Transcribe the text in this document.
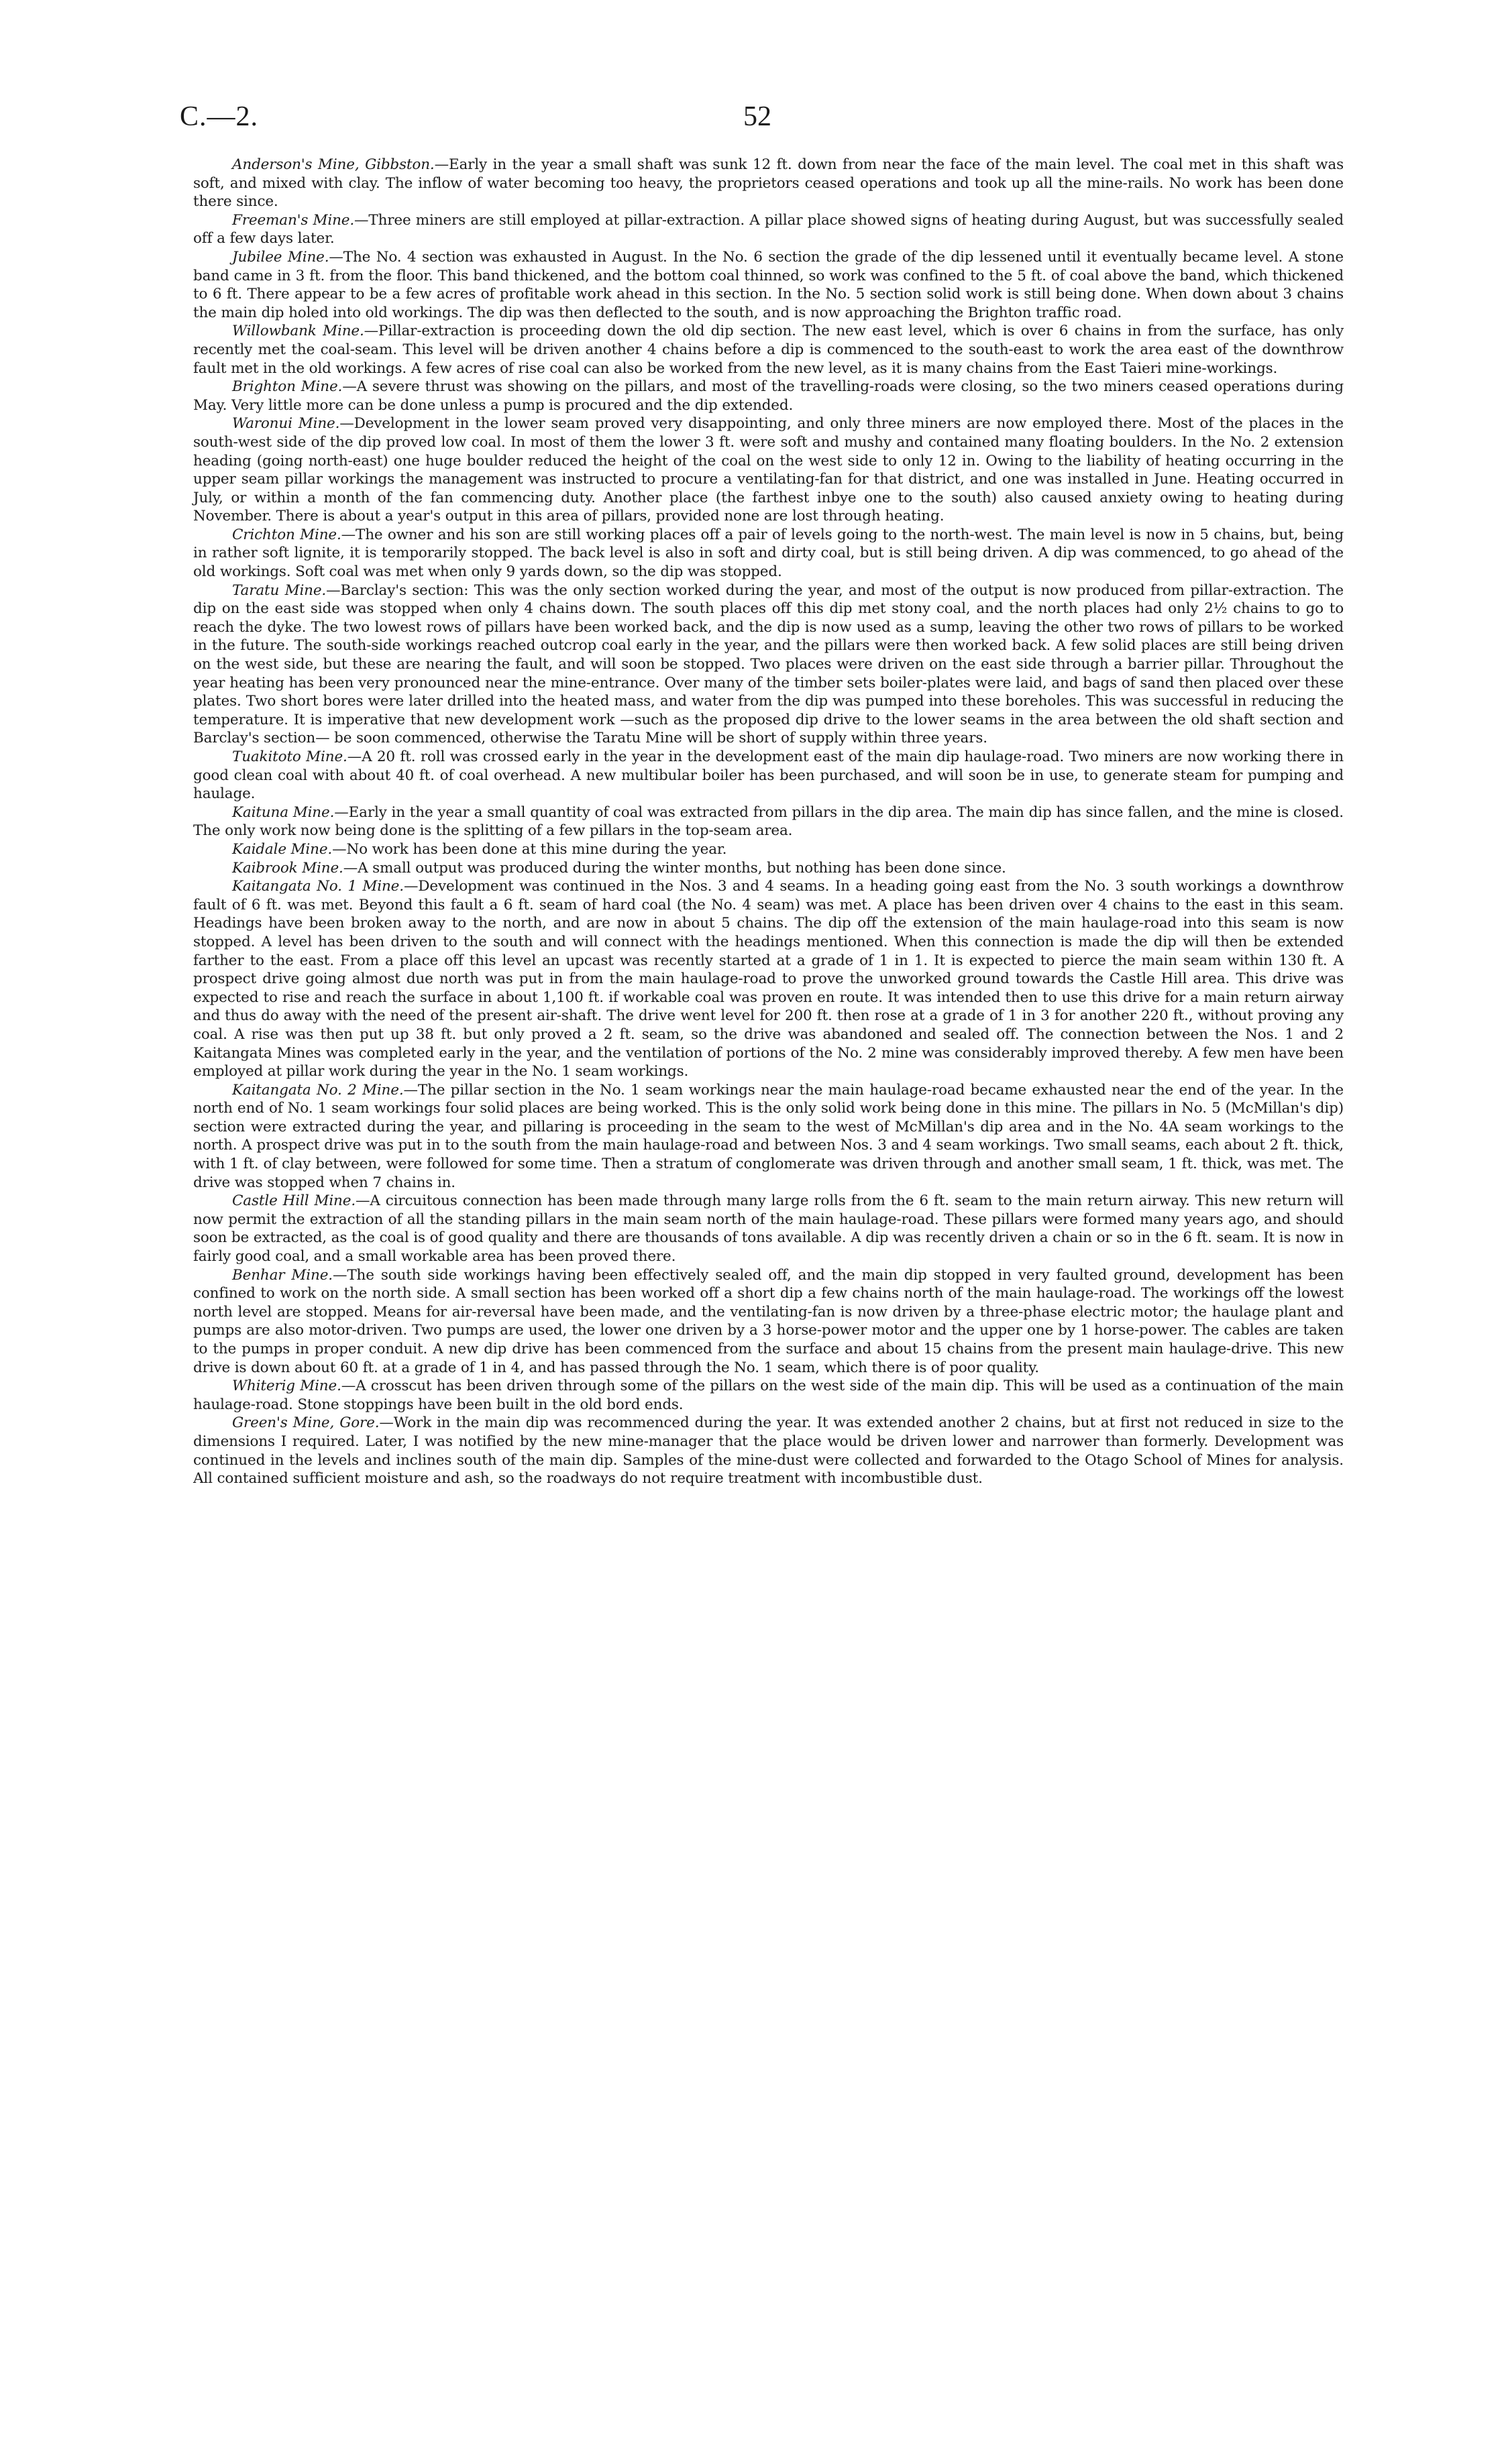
C.—2.	52

Anderson's Mine, Gibbston.—Early in the year a small shaft was sunk 12 ft. down from near the face of the main level. The coal met in this shaft was soft, and mixed with clay. The inflow of water becoming too heavy, the proprietors ceased operations and took up all the mine-rails. No work has been done there since.

Freeman's Mine.—Three miners are still employed at pillar-extraction. A pillar place showed signs of heating during August, but was successfully sealed off a few days later.

Jubilee Mine.—The No. 4 section was exhausted in August. In the No. 6 section the grade of the dip lessened until it eventually became level. A stone band came in 3 ft. from the floor. This band thickened, and the bottom coal thinned, so work was confined to the 5 ft. of coal above the band, which thickened to 6 ft. There appear to be a few acres of profitable work ahead in this section. In the No. 5 section solid work is still being done. When down about 3 chains the main dip holed into old workings. The dip was then deflected to the south, and is now approaching the Brighton traffic road.

Willowbank Mine.—Pillar-extraction is proceeding down the old dip section. The new east level, which is over 6 chains in from the surface, has only recently met the coal-seam. This level will be driven another 4 chains before a dip is commenced to the south-east to work the area east of the downthrow fault met in the old workings. A few acres of rise coal can also be worked from the new level, as it is many chains from the East Taieri mine-workings.

Brighton Mine.—A severe thrust was showing on the pillars, and most of the travelling-roads were closing, so the two miners ceased operations during May. Very little more can be done unless a pump is procured and the dip extended.

Waronui Mine.—Development in the lower seam proved very disappointing, and only three miners are now employed there. Most of the places in the south-west side of the dip proved low coal. In most of them the lower 3 ft. were soft and mushy and contained many floating boulders. In the No. 2 extension heading (going north-east) one huge boulder reduced the height of the coal on the west side to only 12 in. Owing to the liability of heating occurring in the upper seam pillar workings the management was instructed to procure a ventilating-fan for that district, and one was installed in June. Heating occurred in July, or within a month of the fan commencing duty. Another place (the farthest inbye one to the south) also caused anxiety owing to heating during November. There is about a year's output in this area of pillars, provided none are lost through heating.

Crichton Mine.—The owner and his son are still working places off a pair of levels going to the north-west. The main level is now in 5 chains, but, being in rather soft lignite, it is temporarily stopped. The back level is also in soft and dirty coal, but is still being driven. A dip was commenced, to go ahead of the old workings. Soft coal was met when only 9 yards down, so the dip was stopped.

Taratu Mine.—Barclay's section: This was the only section worked during the year, and most of the output is now produced from pillar-extraction. The dip on the east side was stopped when only 4 chains down. The south places off this dip met stony coal, and the north places had only 2½ chains to go to reach the dyke. The two lowest rows of pillars have been worked back, and the dip is now used as a sump, leaving the other two rows of pillars to be worked in the future. The south-side workings reached outcrop coal early in the year, and the pillars were then worked back. A few solid places are still being driven on the west side, but these are nearing the fault, and will soon be stopped. Two places were driven on the east side through a barrier pillar. Throughout the year heating has been very pronounced near the mine-entrance. Over many of the timber sets boiler-plates were laid, and bags of sand then placed over these plates. Two short bores were later drilled into the heated mass, and water from the dip was pumped into these boreholes. This was successful in reducing the temperature. It is imperative that new development work —such as the proposed dip drive to the lower seams in the area between the old shaft section and Barclay's section— be soon commenced, otherwise the Taratu Mine will be short of supply within three years.

Tuakitoto Mine.—A 20 ft. roll was crossed early in the year in the development east of the main dip haulage-road. Two miners are now working there in good clean coal with about 40 ft. of coal overhead. A new multibular boiler has been purchased, and will soon be in use, to generate steam for pumping and haulage.

Kaituna Mine.—Early in the year a small quantity of coal was extracted from pillars in the dip area. The main dip has since fallen, and the mine is closed. The only work now being done is the splitting of a few pillars in the top-seam area.

Kaidale Mine.—No work has been done at this mine during the year.

Kaibrook Mine.—A small output was produced during the winter months, but nothing has been done since.

Kaitangata No. 1 Mine.—Development was continued in the Nos. 3 and 4 seams. In a heading going east from the No. 3 south workings a downthrow fault of 6 ft. was met. Beyond this fault a 6 ft. seam of hard coal (the No. 4 seam) was met. A place has been driven over 4 chains to the east in this seam. Headings have been broken away to the north, and are now in about 5 chains. The dip off the extension of the main haulage-road into this seam is now stopped. A level has been driven to the south and will connect with the headings mentioned. When this connection is made the dip will then be extended farther to the east. From a place off this level an upcast was recently started at a grade of 1 in 1. It is expected to pierce the main seam within 130 ft. A prospect drive going almost due north was put in from the main haulage-road to prove the unworked ground towards the Castle Hill area. This drive was expected to rise and reach the surface in about 1,100 ft. if workable coal was proven en route. It was intended then to use this drive for a main return airway and thus do away with the need of the present air-shaft. The drive went level for 200 ft. then rose at a grade of 1 in 3 for another 220 ft., without proving any coal. A rise was then put up 38 ft. but only proved a 2 ft. seam, so the drive was abandoned and sealed off. The connection between the Nos. 1 and 2 Kaitangata Mines was completed early in the year, and the ventilation of portions of the No. 2 mine was considerably improved thereby. A few men have been employed at pillar work during the year in the No. 1 seam workings.

Kaitangata No. 2 Mine.—The pillar section in the No. 1 seam workings near the main haulage-road became exhausted near the end of the year. In the north end of No. 1 seam workings four solid places are being worked. This is the only solid work being done in this mine. The pillars in No. 5 (McMillan's dip) section were extracted during the year, and pillaring is proceeding in the seam to the west of McMillan's dip area and in the No. 4A seam workings to the north. A prospect drive was put in to the south from the main haulage-road and between Nos. 3 and 4 seam workings. Two small seams, each about 2 ft. thick, with 1 ft. of clay between, were followed for some time. Then a stratum of conglomerate was driven through and another small seam, 1 ft. thick, was met. The drive was stopped when 7 chains in.

Castle Hill Mine.—A circuitous connection has been made through many large rolls from the 6 ft. seam to the main return airway. This new return will now permit the extraction of all the standing pillars in the main seam north of the main haulage-road. These pillars were formed many years ago, and should soon be extracted, as the coal is of good quality and there are thousands of tons available. A dip was recently driven a chain or so in the 6 ft. seam. It is now in fairly good coal, and a small workable area has been proved there.

Benhar Mine.—The south side workings having been effectively sealed off, and the main dip stopped in very faulted ground, development has been confined to work on the north side. A small section has been worked off a short dip a few chains north of the main haulage-road. The workings off the lowest north level are stopped. Means for air-reversal have been made, and the ventilating-fan is now driven by a three-phase electric motor; the haulage plant and pumps are also motor-driven. Two pumps are used, the lower one driven by a 3 horse-power motor and the upper one by 1 horse-power. The cables are taken to the pumps in proper conduit. A new dip drive has been commenced from the surface and about 15 chains from the present main haulage-drive. This new drive is down about 60 ft. at a grade of 1 in 4, and has passed through the No. 1 seam, which there is of poor quality.

Whiterig Mine.—A crosscut has been driven through some of the pillars on the west side of the main dip. This will be used as a continuation of the main haulage-road. Stone stoppings have been built in the old bord ends.

Green's Mine, Gore.—Work in the main dip was recommenced during the year. It was extended another 2 chains, but at first not reduced in size to the dimensions I required. Later, I was notified by the new mine-manager that the place would be driven lower and narrower than formerly. Development was continued in the levels and inclines south of the main dip. Samples of the mine-dust were collected and forwarded to the Otago School of Mines for analysis. All contained sufficient moisture and ash, so the roadways do not require treatment with incombustible dust.
